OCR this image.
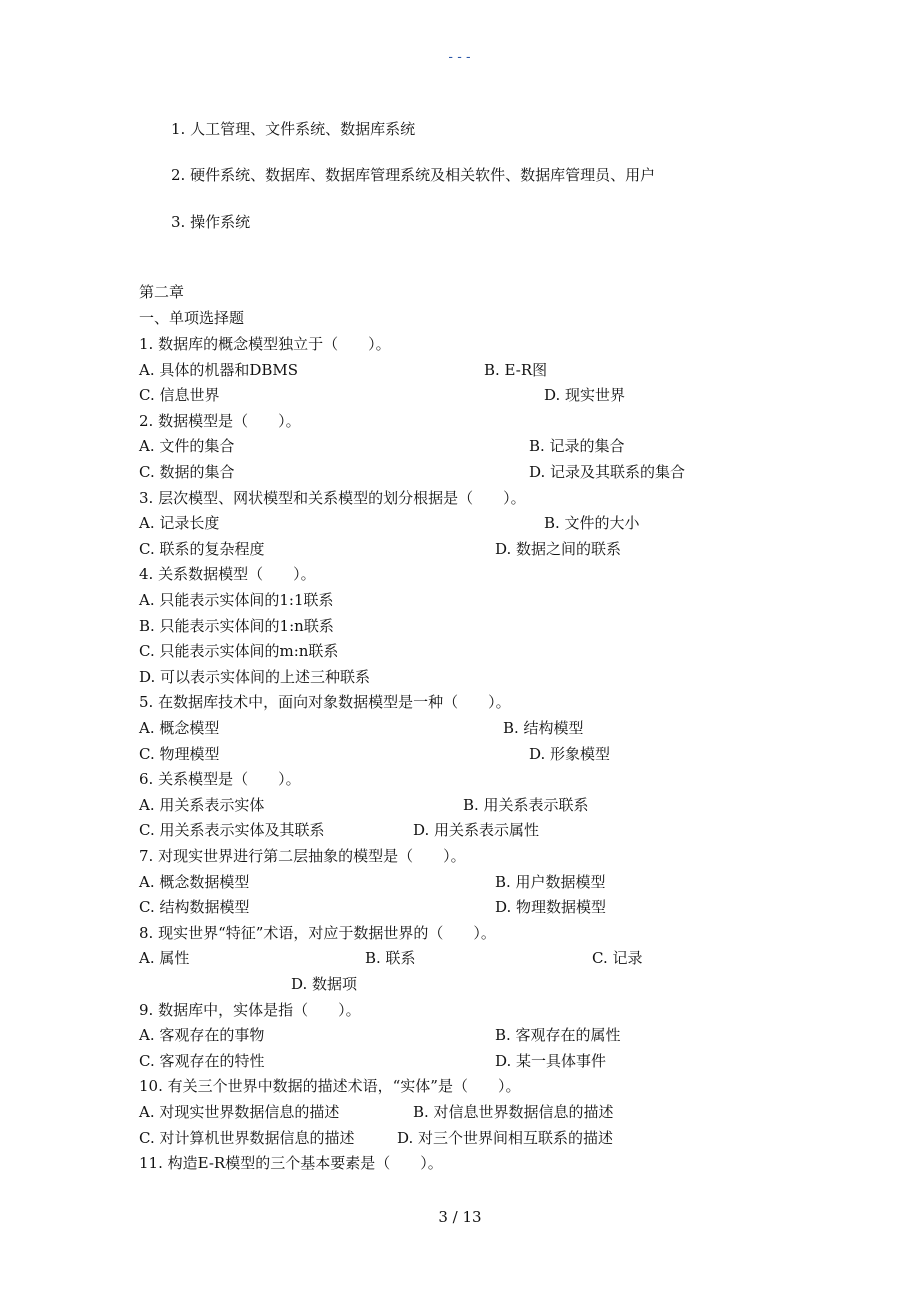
---
1. 人工管理、文件系统、数据库系统
2. 硬件系统、数据库、数据库管理系统及相关软件、数据库管理员、用户
3. 操作系统
第二章
一、单项选择题
1. 数据库的概念模型独立于（　　）。
A. 具体的机器和DBMS	B. E-R图
C. 信息世界	D. 现实世界
2. 数据模型是（　　）。
A. 文件的集合	B. 记录的集合
C. 数据的集合	D. 记录及其联系的集合
3. 层次模型、网状模型和关系模型的划分根据是（　　）。
A. 记录长度	B. 文件的大小
C. 联系的复杂程度	D. 数据之间的联系
4. 关系数据模型（　　）。
A. 只能表示实体间的1:1联系
B. 只能表示实体间的1:n联系
C. 只能表示实体间的m:n联系
D. 可以表示实体间的上述三种联系
5. 在数据库技术中，面向对象数据模型是一种（　　）。
A. 概念模型	B. 结构模型
C. 物理模型	D. 形象模型
6. 关系模型是（　　）。
A. 用关系表示实体	B. 用关系表示联系
C. 用关系表示实体及其联系	D. 用关系表示属性
7. 对现实世界进行第二层抽象的模型是（　　）。
A. 概念数据模型	B. 用户数据模型
C. 结构数据模型	D. 物理数据模型
8. 现实世界“特征”术语，对应于数据世界的（　　）。
A. 属性	B. 联系	C. 记录
D. 数据项
9. 数据库中，实体是指（　　）。
A. 客观存在的事物	B. 客观存在的属性
C. 客观存在的特性	D. 某一具体事件
10. 有关三个世界中数据的描述术语，“实体”是（　　）。
A. 对现实世界数据信息的描述	B. 对信息世界数据信息的描述
C. 对计算机世界数据信息的描述	D. 对三个世界间相互联系的描述
11. 构造E-R模型的三个基本要素是（　　）。
3 / 13
